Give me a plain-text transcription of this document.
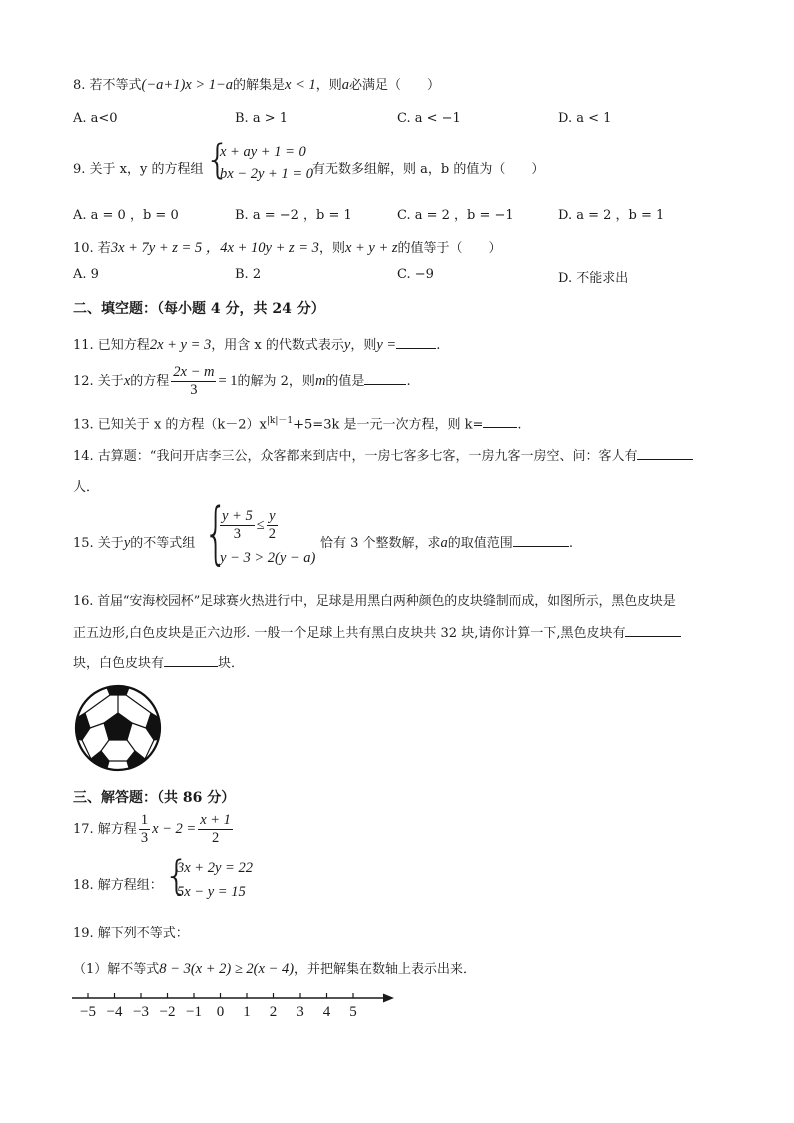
8. 若不等式(−a+1)x > 1−a的解集是x < 1，则a必满足（　　）
A. a<0	B. a > 1	C. a < −1	D. a < 1
9. 关于 x，y 的方程组 {
x + ay + 1 = 0
bx − 2y + 1 = 0 有无数多组解，则 a，b 的值为（　　）
A. a = 0 ，b = 0	B. a = −2 ，b = 1	C. a = 2 ，b = −1	D. a = 2 ，b = 1
10. 若3x + 7y + z = 5 ，4x + 10y + z = 3，则x + y + z的值等于（　　）
A. 9	B. 2	C. −9	D. 不能求出
二、填空题：（每小题 4 分，共 24 分）
11. 已知方程2x + y = 3，用含 x 的代数式表示y，则y =	.
12. 关于x的方程 $\frac{2x - m}{3} = 1$的解为 2，则m的值是	.
13. 已知关于 x 的方程$(k-2)x^{|k|-1}+5=3k$ 是一元一次方程，则 k=	.
14. 古算题：“我问开店李三公，众客都来到店中，一房七客多七客，一房九客一房空、问：客人有
人．
15. 关于y的不等式组 {
$\frac{y + 5}{3} \le \frac{y}{2}$
y − 3 > 2(y − a)
恰有 3 个整数解，求a的取值范围	.
16. 首届“安海校园杯”足球赛火热进行中，足球是用黑白两种颜色的皮块缝制而成，如图所示，黑色皮块是
正五边形,白色皮块是正六边形. 一般一个足球上共有黑白皮块共 32 块,请你计算一下,黑色皮块有
块，白色皮块有	块．
三、解答题：（共 86 分）
17. 解方程 $\frac{1}{3}$ $x - 2 = \frac{x + 1}{2}$
18. 解方程组： {
3x + 2y = 22
5x − y = 15
19. 解下列不等式：
（1）解不等式8 − 3(x + 2) ≥ 2(x − 4)，并把解集在数轴上表示出来．
−5 −4 −3 −2 −1 0 1 2 3 4 5
